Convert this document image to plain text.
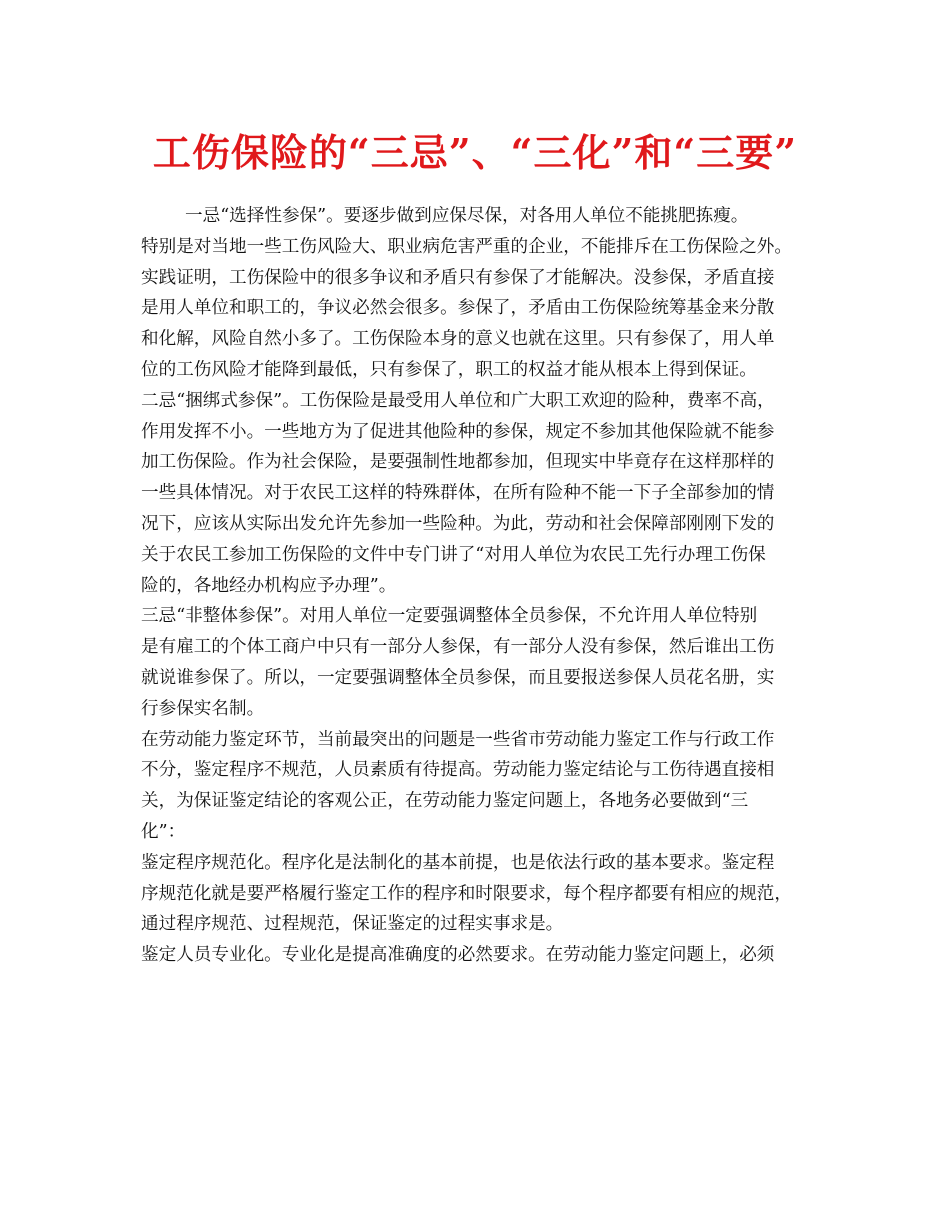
工伤保险的“三忌”、“三化”和“三要”
一忌“选择性参保”。要逐步做到应保尽保，对各用人单位不能挑肥拣瘦。
特别是对当地一些工伤风险大、职业病危害严重的企业，不能排斥在工伤保险之外。
实践证明，工伤保险中的很多争议和矛盾只有参保了才能解决。没参保，矛盾直接
是用人单位和职工的，争议必然会很多。参保了，矛盾由工伤保险统筹基金来分散
和化解，风险自然小多了。工伤保险本身的意义也就在这里。只有参保了，用人单
位的工伤风险才能降到最低，只有参保了，职工的权益才能从根本上得到保证。
二忌“捆绑式参保”。工伤保险是最受用人单位和广大职工欢迎的险种，费率不高，
作用发挥不小。一些地方为了促进其他险种的参保，规定不参加其他保险就不能参
加工伤保险。作为社会保险，是要强制性地都参加，但现实中毕竟存在这样那样的
一些具体情况。对于农民工这样的特殊群体，在所有险种不能一下子全部参加的情
况下，应该从实际出发允许先参加一些险种。为此，劳动和社会保障部刚刚下发的
关于农民工参加工伤保险的文件中专门讲了“对用人单位为农民工先行办理工伤保
险的，各地经办机构应予办理”。
三忌“非整体参保”。对用人单位一定要强调整体全员参保，不允许用人单位特别
是有雇工的个体工商户中只有一部分人参保，有一部分人没有参保，然后谁出工伤
就说谁参保了。所以，一定要强调整体全员参保，而且要报送参保人员花名册，实
行参保实名制。
在劳动能力鉴定环节，当前最突出的问题是一些省市劳动能力鉴定工作与行政工作
不分，鉴定程序不规范，人员素质有待提高。劳动能力鉴定结论与工伤待遇直接相
关，为保证鉴定结论的客观公正，在劳动能力鉴定问题上，各地务必要做到“三
化”：
鉴定程序规范化。程序化是法制化的基本前提，也是依法行政的基本要求。鉴定程
序规范化就是要严格履行鉴定工作的程序和时限要求，每个程序都要有相应的规范，
通过程序规范、过程规范，保证鉴定的过程实事求是。
鉴定人员专业化。专业化是提高准确度的必然要求。在劳动能力鉴定问题上，必须
